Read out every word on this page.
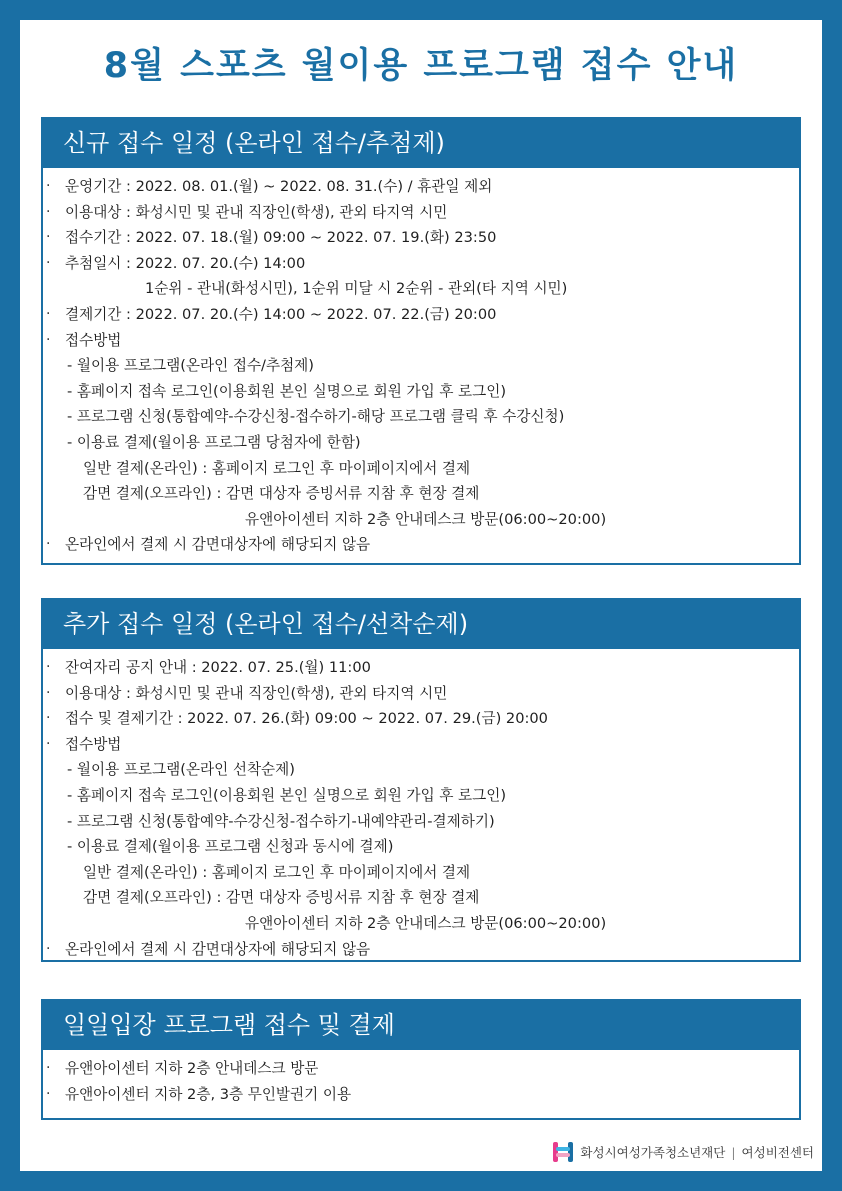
8월 스포츠 월이용 프로그램 접수 안내
신규 접수 일정 (온라인 접수/추첨제)
· 운영기간 : 2022. 08. 01.(월) ~ 2022. 08. 31.(수) / 휴관일 제외
· 이용대상 : 화성시민 및 관내 직장인(학생), 관외 타지역 시민
· 접수기간 : 2022. 07. 18.(월) 09:00 ~ 2022. 07. 19.(화) 23:50
· 추첨일시 : 2022. 07. 20.(수) 14:00
1순위 - 관내(화성시민), 1순위 미달 시 2순위 - 관외(타 지역 시민)
· 결제기간 : 2022. 07. 20.(수) 14:00 ~ 2022. 07. 22.(금) 20:00
· 접수방법
- 월이용 프로그램(온라인 접수/추첨제)
- 홈페이지 접속 로그인(이용회원 본인 실명으로 회원 가입 후 로그인)
- 프로그램 신청(통합예약-수강신청-접수하기-해당 프로그램 클릭 후 수강신청)
- 이용료 결제(월이용 프로그램 당첨자에 한함)
일반 결제(온라인) : 홈페이지 로그인 후 마이페이지에서 결제
감면 결제(오프라인) : 감면 대상자 증빙서류 지참 후 현장 결제
유앤아이센터 지하 2층 안내데스크 방문(06:00~20:00)
· 온라인에서 결제 시 감면대상자에 해당되지 않음
추가 접수 일정 (온라인 접수/선착순제)
· 잔여자리 공지 안내 : 2022. 07. 25.(월) 11:00
· 이용대상 : 화성시민 및 관내 직장인(학생), 관외 타지역 시민
· 접수 및 결제기간 : 2022. 07. 26.(화) 09:00 ~ 2022. 07. 29.(금) 20:00
· 접수방법
- 월이용 프로그램(온라인 선착순제)
- 홈페이지 접속 로그인(이용회원 본인 실명으로 회원 가입 후 로그인)
- 프로그램 신청(통합예약-수강신청-접수하기-내예약관리-결제하기)
- 이용료 결제(월이용 프로그램 신청과 동시에 결제)
일반 결제(온라인) : 홈페이지 로그인 후 마이페이지에서 결제
감면 결제(오프라인) : 감면 대상자 증빙서류 지참 후 현장 결제
유앤아이센터 지하 2층 안내데스크 방문(06:00~20:00)
· 온라인에서 결제 시 감면대상자에 해당되지 않음
일일입장 프로그램 접수 및 결제
· 유앤아이센터 지하 2층 안내데스크 방문
· 유앤아이센터 지하 2층, 3층 무인발권기 이용
화성시여성가족청소년재단 | 여성비전센터
